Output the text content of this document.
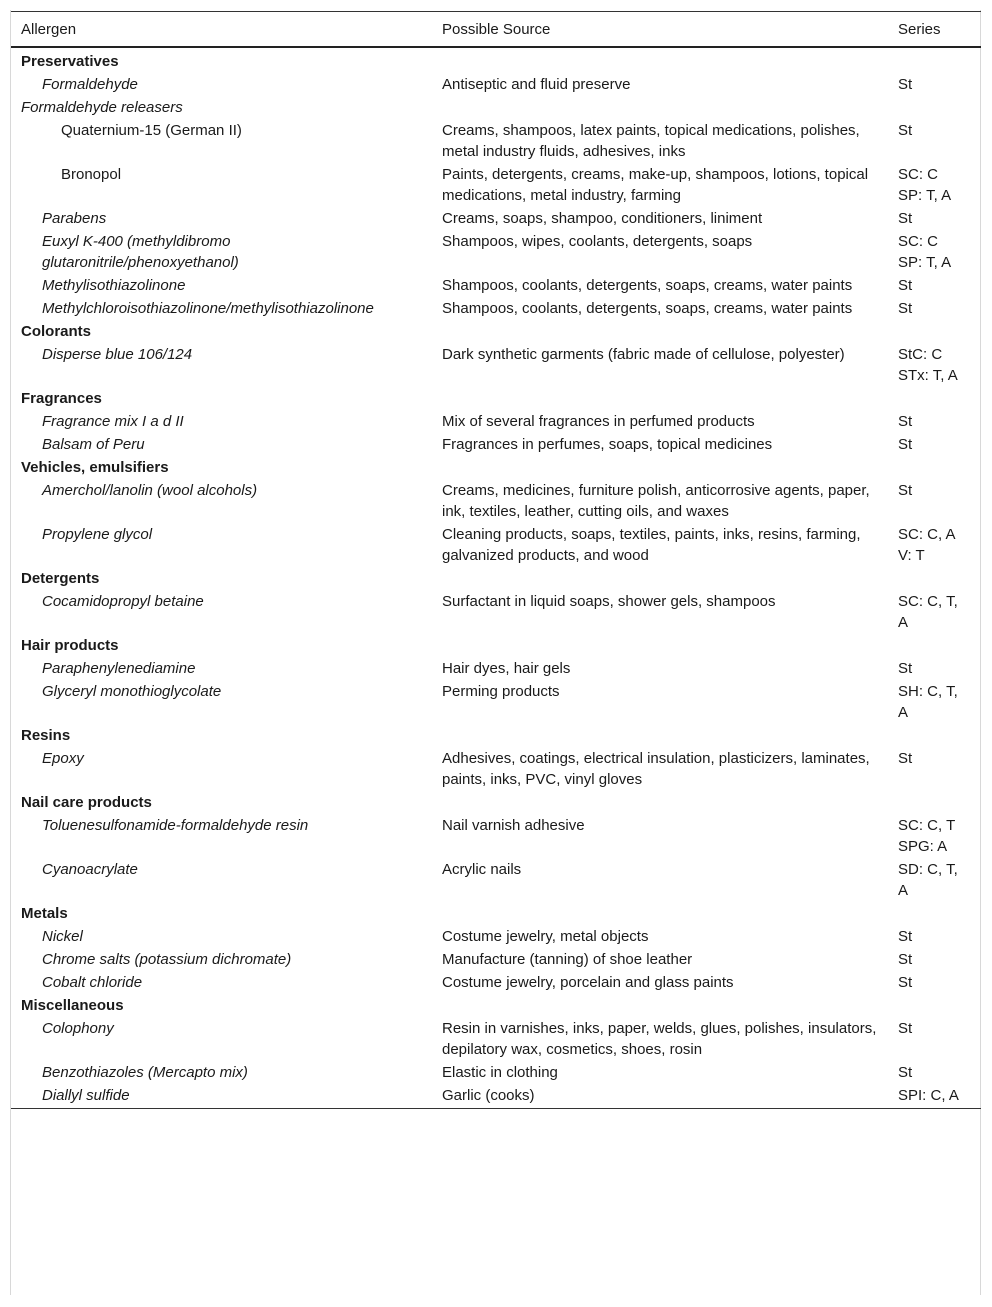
Allergen	Possible Source	Series
Preservatives		
Formaldehyde	Antiseptic and fluid preserve	St
Formaldehyde releasers		
Quaternium-15 (German II)	Creams, shampoos, latex paints, topical medications, polishes, metal industry fluids, adhesives, inks	St
Bronopol	Paints, detergents, creams, make-up, shampoos, lotions, topical medications, metal industry, farming	SC: C SP: T, A
Parabens	Creams, soaps, shampoo, conditioners, liniment	St
Euxyl K-400 (methyldibromo glutaronitrile/phenoxyethanol)	Shampoos, wipes, coolants, detergents, soaps	SC: C SP: T, A
Methylisothiazolinone	Shampoos, coolants, detergents, soaps, creams, water paints	St
Methylchloroisothiazolinone/methylisothiazolinone	Shampoos, coolants, detergents, soaps, creams, water paints	St
Colorants		
Disperse blue 106/124	Dark synthetic garments (fabric made of cellulose, polyester)	StC: C STx: T, A
Fragrances		
Fragrance mix I a d II	Mix of several fragrances in perfumed products	St
Balsam of Peru	Fragrances in perfumes, soaps, topical medicines	St
Vehicles, emulsifiers		
Amerchol/lanolin (wool alcohols)	Creams, medicines, furniture polish, anticorrosive agents, paper, ink, textiles, leather, cutting oils, and waxes	St
Propylene glycol	Cleaning products, soaps, textiles, paints, inks, resins, farming, galvanized products, and wood	SC: C, A V: T
Detergents		
Cocamidopropyl betaine	Surfactant in liquid soaps, shower gels, shampoos	SC: C, T, A
Hair products		
Paraphenylenediamine	Hair dyes, hair gels	St
Glyceryl monothioglycolate	Perming products	SH: C, T, A
Resins		
Epoxy	Adhesives, coatings, electrical insulation, plasticizers, laminates, paints, inks, PVC, vinyl gloves	St
Nail care products		
Toluenesulfonamide-formaldehyde resin	Nail varnish adhesive	SC: C, T SPG: A
Cyanoacrylate	Acrylic nails	SD: C, T, A
Metals		
Nickel	Costume jewelry, metal objects	St
Chrome salts (potassium dichromate)	Manufacture (tanning) of shoe leather	St
Cobalt chloride	Costume jewelry, porcelain and glass paints	St
Miscellaneous		
Colophony	Resin in varnishes, inks, paper, welds, glues, polishes, insulators, depilatory wax, cosmetics, shoes, rosin	St
Benzothiazoles (Mercapto mix)	Elastic in clothing	St
Diallyl sulfide	Garlic (cooks)	SPI: C, A
